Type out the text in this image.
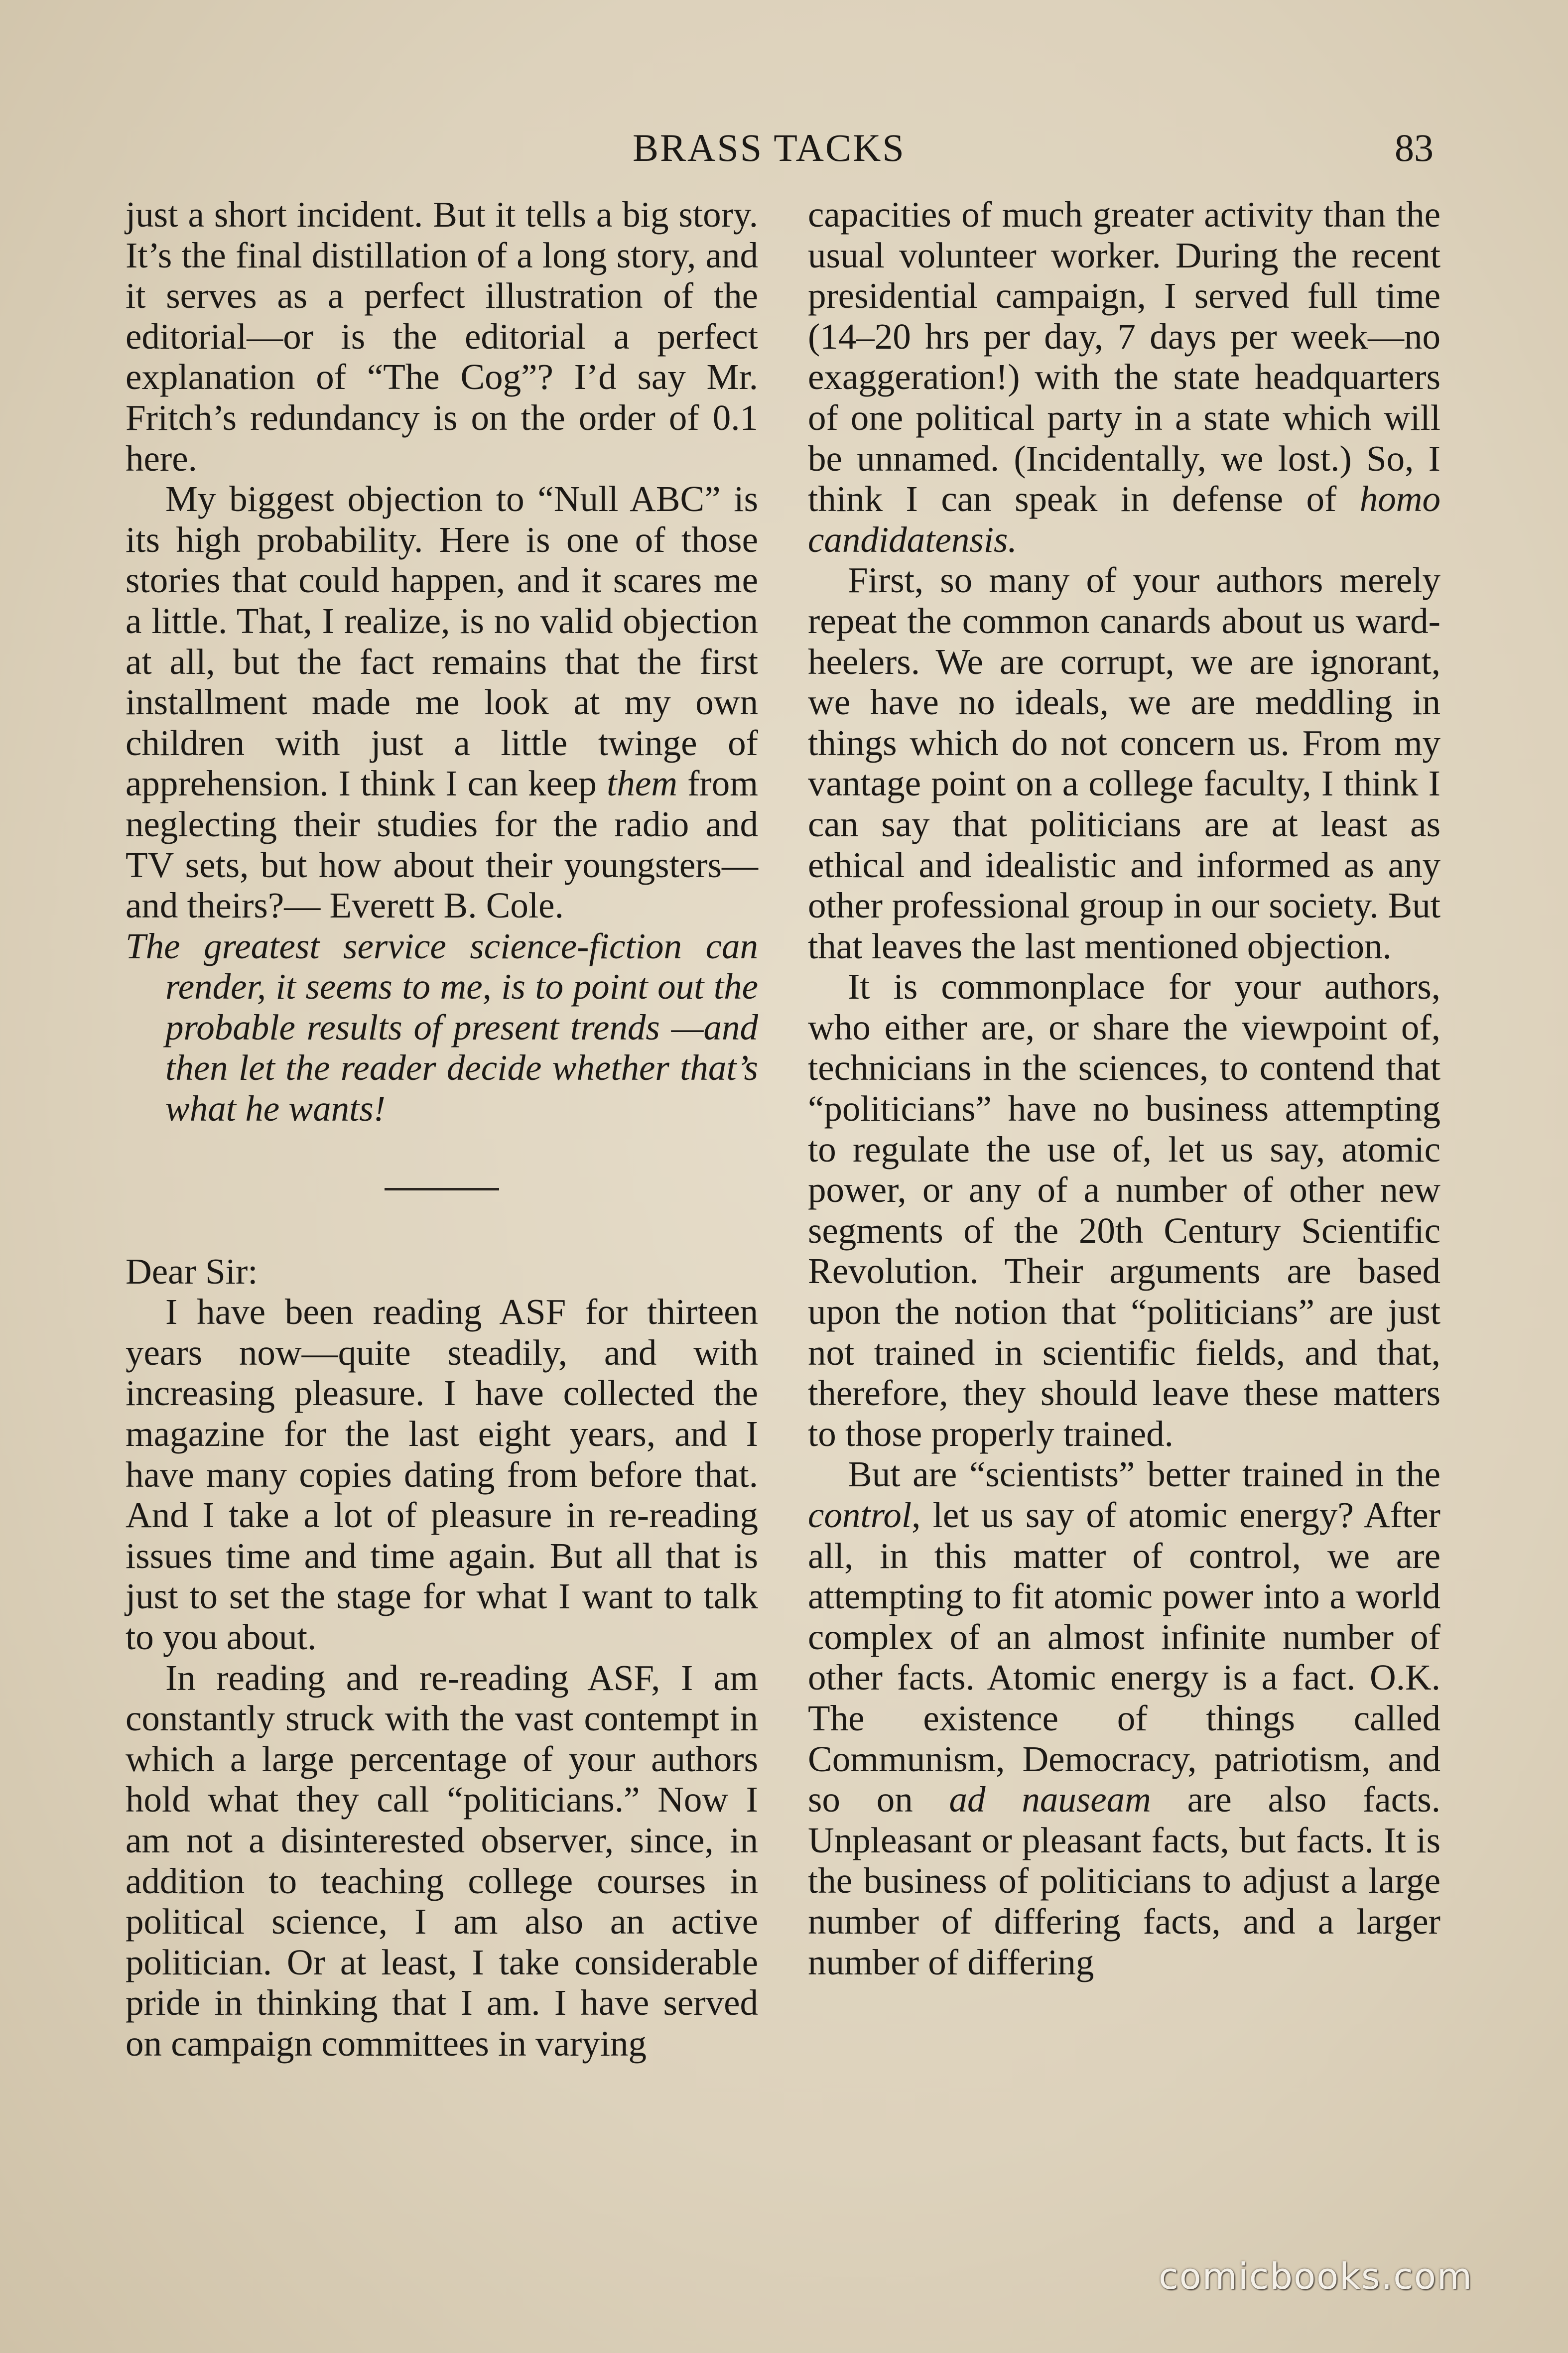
BRASS TACKS	83

just a short incident. But it tells a big story. It’s the final distillation of a long story, and it serves as a perfect illustration of the editorial—or is the editorial a perfect explanation of “The Cog”? I’d say Mr. Fritch’s redundancy is on the order of 0.1 here.

My biggest objection to “Null ABC” is its high probability. Here is one of those stories that could happen, and it scares me a little. That, I realize, is no valid objection at all, but the fact remains that the first installment made me look at my own children with just a little twinge of apprehension. I think I can keep them from neglecting their studies for the radio and TV sets, but how about their youngsters—and theirs?— Everett B. Cole.

The greatest service science-fiction can render, it seems to me, is to point out the probable results of present trends —and then let the reader decide whether that’s what he wants!

Dear Sir:

I have been reading ASF for thirteen years now—quite steadily, and with increasing pleasure. I have collected the magazine for the last eight years, and I have many copies dating from before that. And I take a lot of pleasure in re-reading issues time and time again. But all that is just to set the stage for what I want to talk to you about.

In reading and re-reading ASF, I am constantly struck with the vast contempt in which a large percentage of your authors hold what they call “politicians.” Now I am not a disinterested observer, since, in addition to teaching college courses in political science, I am also an active politician. Or at least, I take considerable pride in thinking that I am. I have served on campaign committees in varying

capacities of much greater activity than the usual volunteer worker. During the recent presidential campaign, I served full time (14–20 hrs per day, 7 days per week—no exaggeration!) with the state headquarters of one political party in a state which will be unnamed. (Incidentally, we lost.) So, I think I can speak in defense of homo candidatensis.

First, so many of your authors merely repeat the common canards about us ward-heelers. We are corrupt, we are ignorant, we have no ideals, we are meddling in things which do not concern us. From my vantage point on a college faculty, I think I can say that politicians are at least as ethical and idealistic and informed as any other professional group in our society. But that leaves the last mentioned objection.

It is commonplace for your authors, who either are, or share the viewpoint of, technicians in the sciences, to contend that “politicians” have no business attempting to regulate the use of, let us say, atomic power, or any of a number of other new segments of the 20th Century Scientific Revolution. Their arguments are based upon the notion that “politicians” are just not trained in scientific fields, and that, therefore, they should leave these matters to those properly trained.

But are “scientists” better trained in the control, let us say of atomic energy? After all, in this matter of control, we are attempting to fit atomic power into a world complex of an almost infinite number of other facts. Atomic energy is a fact. O.K. The existence of things called Communism, Democracy, patriotism, and so on ad nauseam are also facts. Unpleasant or pleasant facts, but facts. It is the business of politicians to adjust a large number of differing facts, and a larger number of differing

comicbooks.com
